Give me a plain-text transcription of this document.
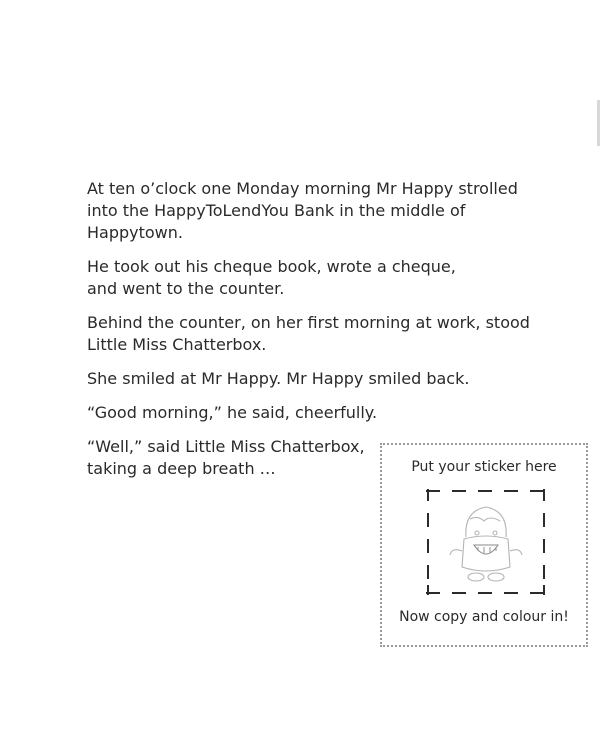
At ten o’clock one Monday morning Mr Happy strolled
into the HappyToLendYou Bank in the middle of
Happytown.

He took out his cheque book, wrote a cheque,
and went to the counter.

Behind the counter, on her first morning at work, stood
Little Miss Chatterbox.

She smiled at Mr Happy. Mr Happy smiled back.

“Good morning,” he said, cheerfully.

“Well,” said Little Miss Chatterbox,
taking a deep breath …	Put your sticker here
Now copy and colour in!
